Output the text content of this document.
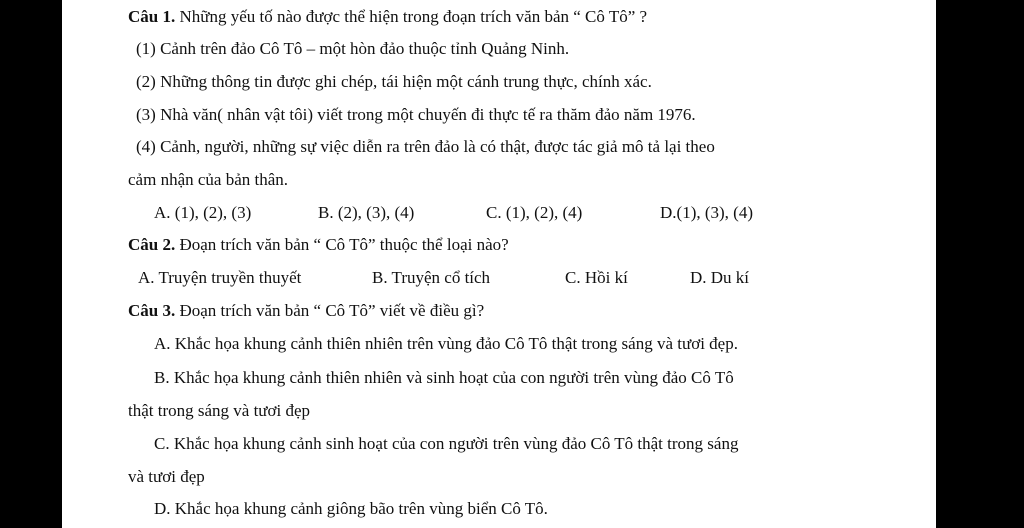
Câu 1. Những yếu tố nào được thể hiện trong đoạn trích văn bản “ Cô Tô” ?
(1) Cảnh trên đảo Cô Tô – một hòn đảo thuộc tỉnh Quảng Ninh.
(2) Những thông tin được ghi chép, tái hiện một cánh trung thực, chính xác.
(3) Nhà văn( nhân vật tôi) viết trong một chuyến đi thực tế ra thăm đảo năm 1976.
(4) Cảnh, người, những sự việc diễn ra trên đảo là có thật, được tác giả mô tả lại theo
cảm nhận của bản thân.
A. (1), (2), (3)	B. (2), (3), (4)	C. (1), (2), (4)	D.(1), (3), (4)
Câu 2. Đoạn trích văn bản “ Cô Tô” thuộc thể loại nào?
A. Truyện truyền thuyết	B. Truyện cổ tích	C. Hồi kí	D. Du kí
Câu 3. Đoạn trích văn bản “ Cô Tô” viết về điều gì?
A. Khắc họa khung cảnh thiên nhiên trên vùng đảo Cô Tô thật trong sáng và tươi đẹp.
B. Khắc họa khung cảnh thiên nhiên và sinh hoạt của con người trên vùng đảo Cô Tô
thật trong sáng và tươi đẹp
C. Khắc họa khung cảnh sinh hoạt của con người trên vùng đảo Cô Tô thật trong sáng
và tươi đẹp
D. Khắc họa khung cảnh giông bão trên vùng biển Cô Tô.
